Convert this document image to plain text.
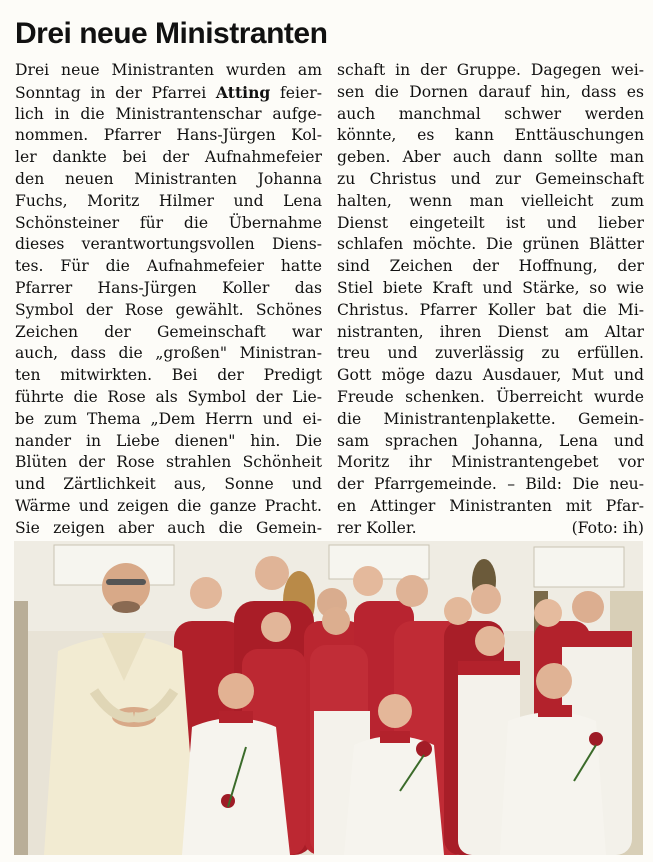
Drei neue Ministranten
Drei neue Ministranten wurden am
Sonntag in der Pfarrei Atting feier-
lich in die Ministrantenschar aufge-
nommen. Pfarrer Hans-Jürgen Kol-
ler dankte bei der Aufnahmefeier
den neuen Ministranten Johanna
Fuchs, Moritz Hilmer und Lena
Schönsteiner für die Übernahme
dieses verantwortungsvollen Diens-
tes. Für die Aufnahmefeier hatte
Pfarrer Hans-Jürgen Koller das
Symbol der Rose gewählt. Schönes
Zeichen der Gemeinschaft war
auch, dass die „großen" Ministran-
ten mitwirkten. Bei der Predigt
führte die Rose als Symbol der Lie-
be zum Thema „Dem Herrn und ei-
nander in Liebe dienen" hin. Die
Blüten der Rose strahlen Schönheit
und Zärtlichkeit aus, Sonne und
Wärme und zeigen die ganze Pracht.
Sie zeigen aber auch die Gemein-
schaft in der Gruppe. Dagegen wei-
sen die Dornen darauf hin, dass es
auch manchmal schwer werden
könnte, es kann Enttäuschungen
geben. Aber auch dann sollte man
zu Christus und zur Gemeinschaft
halten, wenn man vielleicht zum
Dienst eingeteilt ist und lieber
schlafen möchte. Die grünen Blätter
sind Zeichen der Hoffnung, der
Stiel biete Kraft und Stärke, so wie
Christus. Pfarrer Koller bat die Mi-
nistranten, ihren Dienst am Altar
treu und zuverlässig zu erfüllen.
Gott möge dazu Ausdauer, Mut und
Freude schenken. Überreicht wurde
die Ministrantenplakette. Gemein-
sam sprachen Johanna, Lena und
Moritz ihr Ministrantengebet vor
der Pfarrgemeinde. – Bild: Die neu-
en Attinger Ministranten mit Pfar-
rer Koller.	(Foto: ih)
